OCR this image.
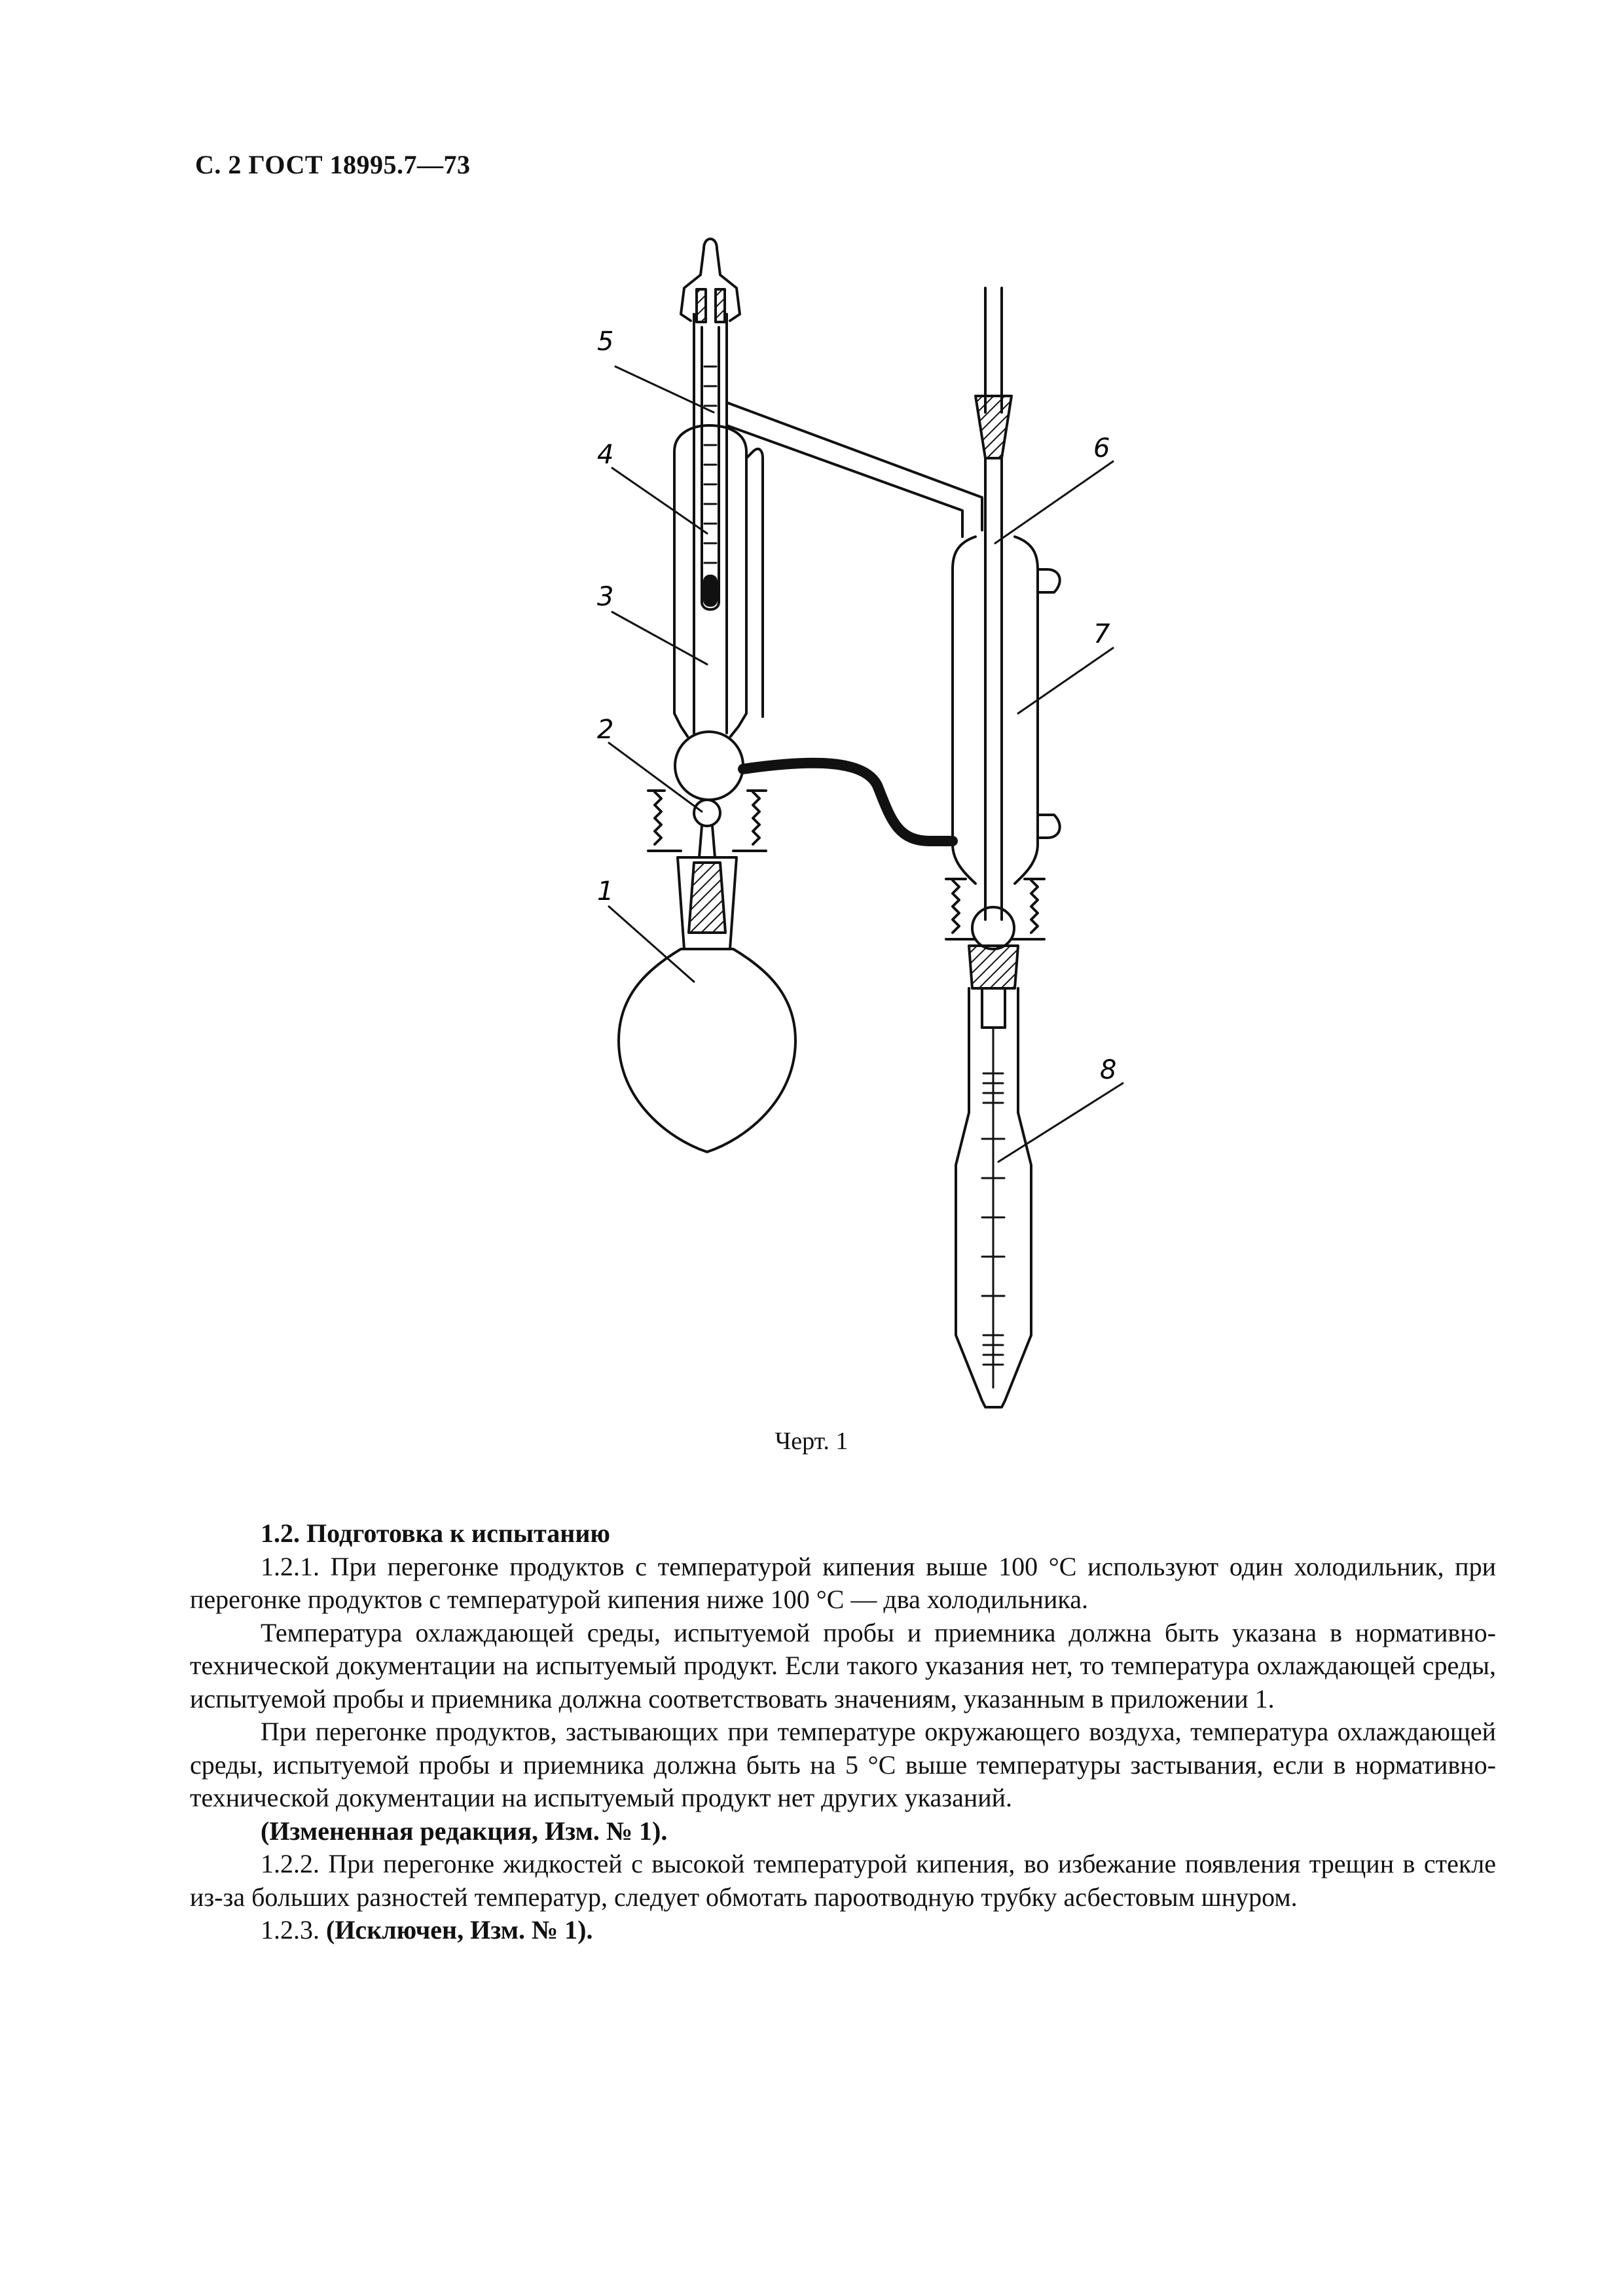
С. 2 ГОСТ 18995.7—73
1
2
3
4
5
6
7
8
Черт. 1

1.2. Подготовка к испытанию

1.2.1. При перегонке продуктов с температурой кипения выше 100 °С используют один холодильник, при перегонке продуктов с температурой кипения ниже 100 °С — два холодильника.

Температура охлаждающей среды, испытуемой пробы и приемника должна быть указана в нормативно-технической документации на испытуемый продукт. Если такого указания нет, то температура охлаждающей среды, испытуемой пробы и приемника должна соответствовать значениям, указанным в приложении 1.

При перегонке продуктов, застывающих при температуре окружающего воздуха, температура охлаждающей среды, испытуемой пробы и приемника должна быть на 5 °С выше температуры застывания, если в нормативно-технической документации на испытуемый продукт нет других указаний.

(Измененная редакция, Изм. № 1).

1.2.2. При перегонке жидкостей с высокой температурой кипения, во избежание появления трещин в стекле из-за больших разностей температур, следует обмотать пароотводную трубку асбестовым шнуром.

1.2.3. (Исключен, Изм. № 1).
